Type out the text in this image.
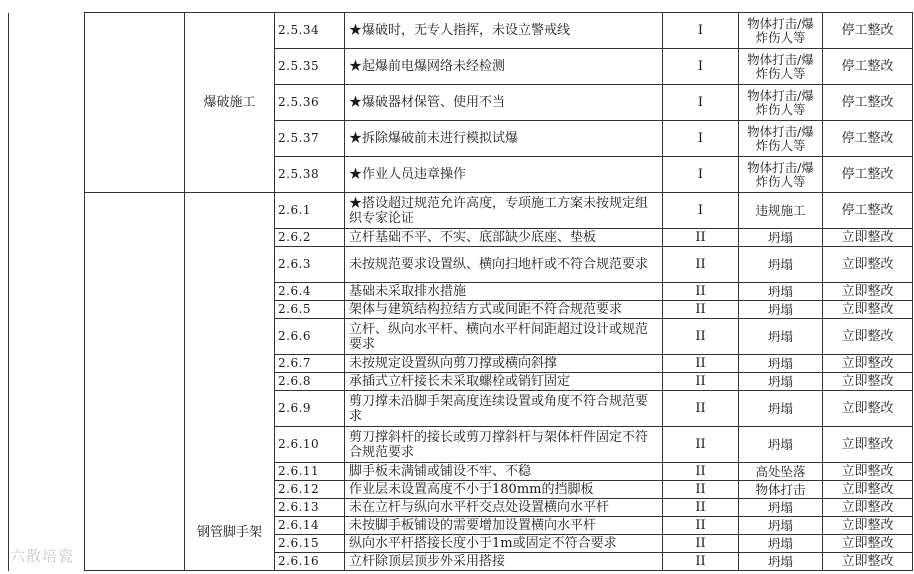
		爆破施工	2.5.34	★爆破时，无专人指挥，未设立警戒线	I	物体打击/爆炸伤人等	停工整改
			2.5.35	★起爆前电爆网络未经检测	I	物体打击/爆炸伤人等	停工整改
			2.5.36	★爆破器材保管、使用不当	I	物体打击/爆炸伤人等	停工整改
			2.5.37	★拆除爆破前未进行模拟试爆	I	物体打击/爆炸伤人等	停工整改
			2.5.38	★作业人员违章操作	I	物体打击/爆炸伤人等	停工整改
		钢管脚手架	2.6.1	★搭设超过规范允许高度，专项施工方案未按规定组织专家论证	I	违规施工	停工整改
			2.6.2	立杆基础不平、不实、底部缺少底座、垫板	II	坍塌	立即整改
			2.6.3	未按规范要求设置纵、横向扫地杆或不符合规范要求	II	坍塌	立即整改
			2.6.4	基础未采取排水措施	II	坍塌	立即整改
			2.6.5	架体与建筑结构拉结方式或间距不符合规范要求	II	坍塌	立即整改
			2.6.6	立杆、纵向水平杆、横向水平杆间距超过设计或规范要求	II	坍塌	立即整改
			2.6.7	未按规定设置纵向剪刀撑或横向斜撑	II	坍塌	立即整改
			2.6.8	承插式立杆接长未采取螺栓或销钉固定	II	坍塌	立即整改
			2.6.9	剪刀撑未沿脚手架高度连续设置或角度不符合规范要求	II	坍塌	立即整改
			2.6.10	剪刀撑斜杆的接长或剪刀撑斜杆与架体杆件固定不符合规范要求	II	坍塌	立即整改
			2.6.11	脚手板未满铺或铺设不牢、不稳	II	高处坠落	立即整改
			2.6.12	作业层未设置高度不小于180mm的挡脚板	II	物体打击	立即整改
			2.6.13	未在立杆与纵向水平杆交点处设置横向水平杆	II	坍塌	立即整改
			2.6.14	未按脚手板铺设的需要增加设置横向水平杆	II	坍塌	立即整改
			2.6.15	纵向水平杆搭接长度小于1m或固定不符合要求	II	坍塌	立即整改
			2.6.16	立杆除顶层顶步外采用搭接	II	坍塌	立即整改
六散培瓷
